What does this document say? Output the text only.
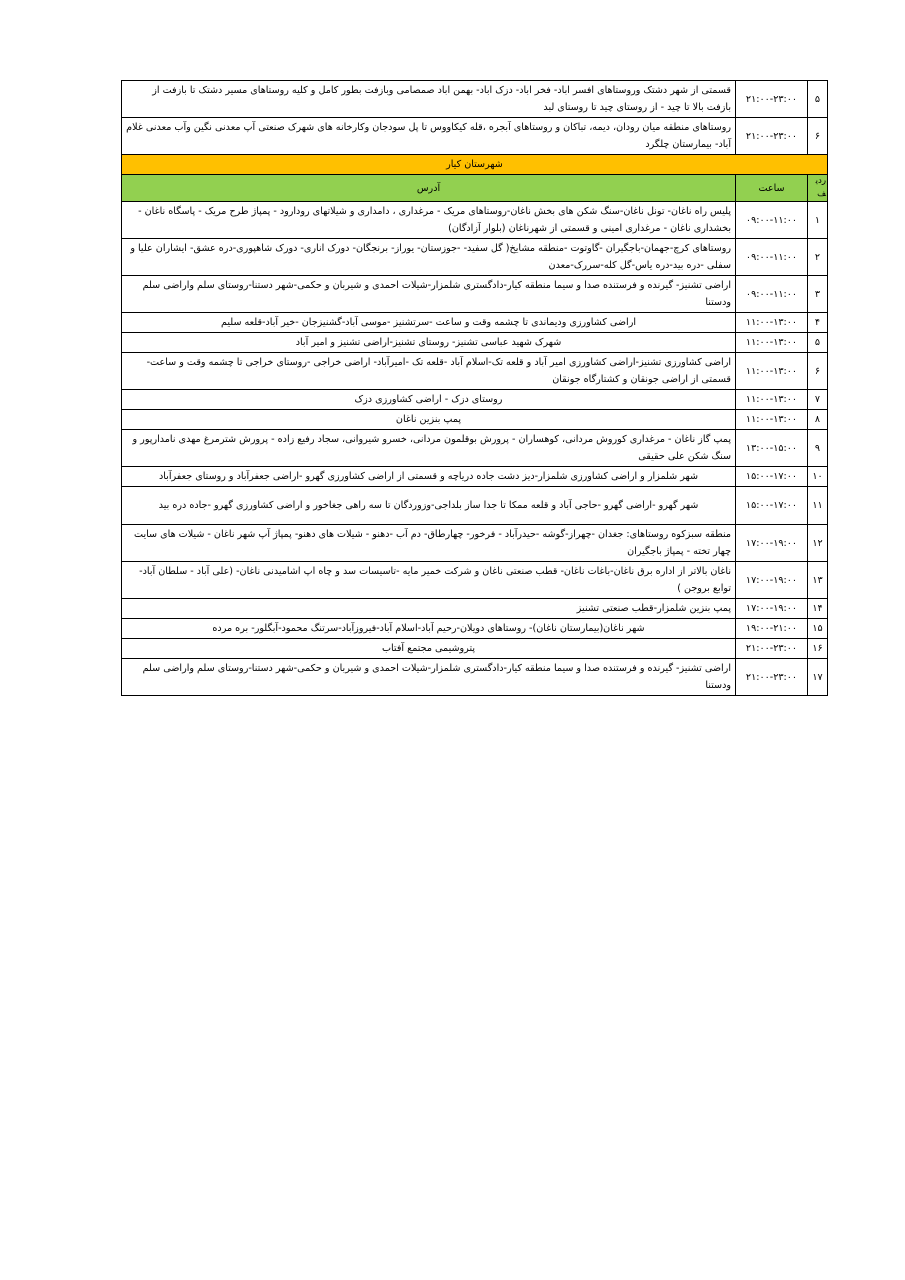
۵	۲۱:۰۰-۲۳:۰۰	قسمتی از شهر دشتک وروستاهای افسر اباد- فخر اباد- دزک اباد- بهمن اباد صمصامی وبازفت بطور کامل و کلیه روستاهای مسیر دشتک تا بازفت از بازفت بالا تا چید - از روستای چید تا روستای لبد
۶	۲۱:۰۰-۲۳:۰۰	روستاهای منطقه میان رودان، دیمه، تباکان و روستاهای آبجره ،قله کیکاووس تا پل سودجان وکارخانه های شهرک صنعتی آپ معدنی نگین وآب معدنی غلام آباد- بیمارستان چلگرد
شهرستان کیار		
ردیف	ساعت	آدرس
۱	۰۹:۰۰-۱۱:۰۰	پلیس راه ناغان- تونل ناغان-سنگ شکن های بخش ناغان-روستاهای مریک - مرغداری ، دامداری و شیلاتهای رودارود - پمپاژ طرح مریک - پاسگاه ناغان - بخشداری ناغان - مرغداری امینی و قسمتی از شهرناغان (بلوار آزادگان)
۲	۰۹:۰۰-۱۱:۰۰	روستاهای کرچ-جهمان-باجگیران -گاوتوت -منطقه مشایخ( گل سفید- -جوزستان- یوراز- برنجگان- دورک اناری- دورک شاهپوری-دره عشق- ایشاران علیا و سفلی -دره بید-دره یاس-گل کله-سررک-معدن
۳	۰۹:۰۰-۱۱:۰۰	اراضی تشنیز- گیرنده و فرستنده صدا و سیما منطقه کیار-دادگستری شلمزار-شیلات احمدی و شیربان و حکمی-شهر دستنا-روستای سلم واراضی سلم ودستنا
۴	۱۱:۰۰-۱۳:۰۰	اراضی کشاورزی ودیماندی تا چشمه وقت و ساعت -سرتشنیز -موسی آباد-گشنیزجان -خیر آباد-قلعه سلیم
۵	۱۱:۰۰-۱۳:۰۰	شهرک شهید عباسی تشنیز- روستای تشنیز-اراضی تشنیز و امیر آباد
۶	۱۱:۰۰-۱۳:۰۰	اراضی کشاورزی تشنیز-اراضی کشاورزی امیر آباد و قلعه تک-اسلام آباد -قلعه تک -امیرآباد- اراضی خراجی -روستای خراجی تا چشمه وقت و ساعت- قسمتی از اراضی جونقان و کشتارگاه جونقان
۷	۱۱:۰۰-۱۳:۰۰	روستای دزک - اراضی کشاورزی دزک
۸	۱۱:۰۰-۱۳:۰۰	پمپ بنزین ناغان
۹	۱۳:۰۰-۱۵:۰۰	پمپ گاز ناغان - مرغداری کوروش مردانی، کوهساران - پرورش بوقلمون مردانی، خسرو شیروانی، سجاد رفیع زاده - پرورش شترمرغ مهدی نامدارپور و سنگ شکن علی حقیقی
۱۰	۱۵:۰۰-۱۷:۰۰	شهر شلمزار و اراضی کشاورزی شلمزار-دیز دشت جاده دریاچه و قسمتی از اراضی کشاورزی گهرو -اراضی جعفرآباد و روستای جعفرآباد
۱۱	۱۵:۰۰-۱۷:۰۰	شهر گهرو -اراضی گهرو -حاجی آباد و قلعه ممکا تا جدا ساز بلداجی-وزوردگان تا سه راهی جغاخور و اراضی کشاورزی گهرو -جاده دره بید
۱۲	۱۷:۰۰-۱۹:۰۰	منطقه سبزکوه روستاهای: جغدان -چهراز-گوشه -حیدرآباد - فرخور- چهارطاق- دم آب -دهنو - شیلات های دهنو- پمپاژ آپ شهر ناغان - شیلات های سایت چهار تخته - پمپاژ باجگیران
۱۳	۱۷:۰۰-۱۹:۰۰	ناغان بالاتر از اداره برق ناغان-باغات ناغان- قطب صنعتی ناغان و شرکت خمیر مایه -تاسیسات سد و چاه اپ اشامیدنی ناغان- (علی آباد - سلطان آباد-توابع بروجن )
۱۴	۱۷:۰۰-۱۹:۰۰	پمپ بنزین شلمزار-قطب صنعتی تشنیز
۱۵	۱۹:۰۰-۲۱:۰۰	شهر ناغان(بیمارستان ناغان)- روستاهای دویلان-رحیم آباد-اسلام آباد-فیروزآباد-سرتنگ محمود-آبگلور- بره مرده
۱۶	۲۱:۰۰-۲۳:۰۰	پتروشیمی مجتمع آفتاب
۱۷	۲۱:۰۰-۲۳:۰۰	اراضی تشنیز- گیرنده و فرستنده صدا و سیما منطقه کیار-دادگستری شلمزار-شیلات احمدی و شیربان و حکمی-شهر دستنا-روستای سلم واراضی سلم ودستنا
